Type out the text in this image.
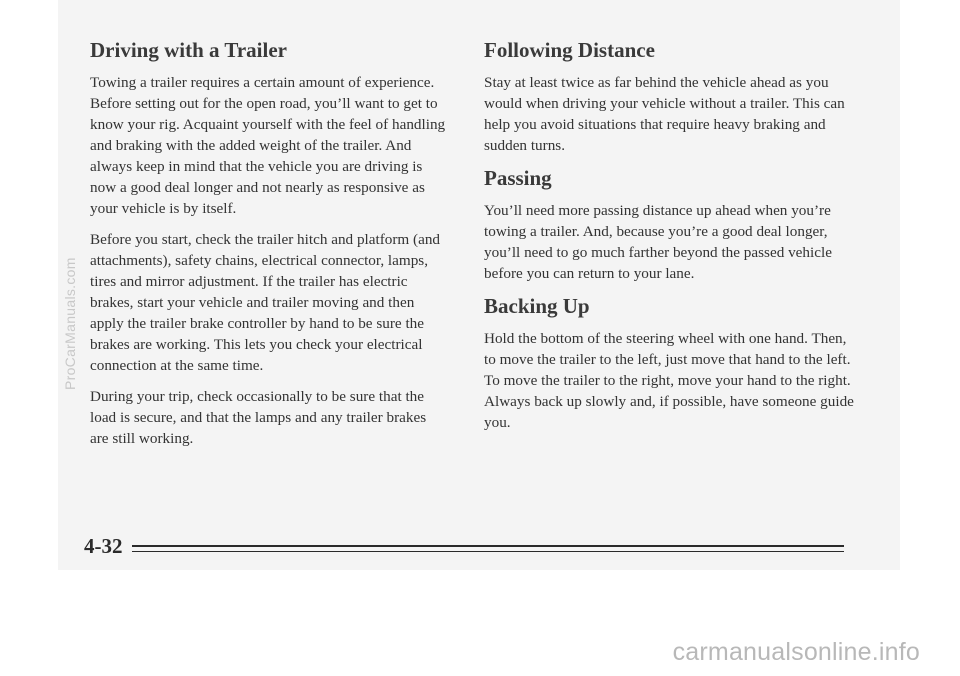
Driving with a Trailer

Towing a trailer requires a certain amount of experience. Before setting out for the open road, you’ll want to get to know your rig. Acquaint yourself with the feel of handling and braking with the added weight of the trailer. And always keep in mind that the vehicle you are driving is now a good deal longer and not nearly as responsive as your vehicle is by itself.

Before you start, check the trailer hitch and platform (and attachments), safety chains, electrical connector, lamps, tires and mirror adjustment. If the trailer has electric brakes, start your vehicle and trailer moving and then apply the trailer brake controller by hand to be sure the brakes are working. This lets you check your electrical connection at the same time.

During your trip, check occasionally to be sure that the load is secure, and that the lamps and any trailer brakes are still working.

Following Distance

Stay at least twice as far behind the vehicle ahead as you would when driving your vehicle without a trailer. This can help you avoid situations that require heavy braking and sudden turns.

Passing

You’ll need more passing distance up ahead when you’re towing a trailer. And, because you’re a good deal longer, you’ll need to go much farther beyond the passed vehicle before you can return to your lane.

Backing Up

Hold the bottom of the steering wheel with one hand. Then, to move the trailer to the left, just move that hand to the left. To move the trailer to the right, move your hand to the right. Always back up slowly and, if possible, have someone guide you.

4-32
ProCarManuals.com
carmanualsonline.info
